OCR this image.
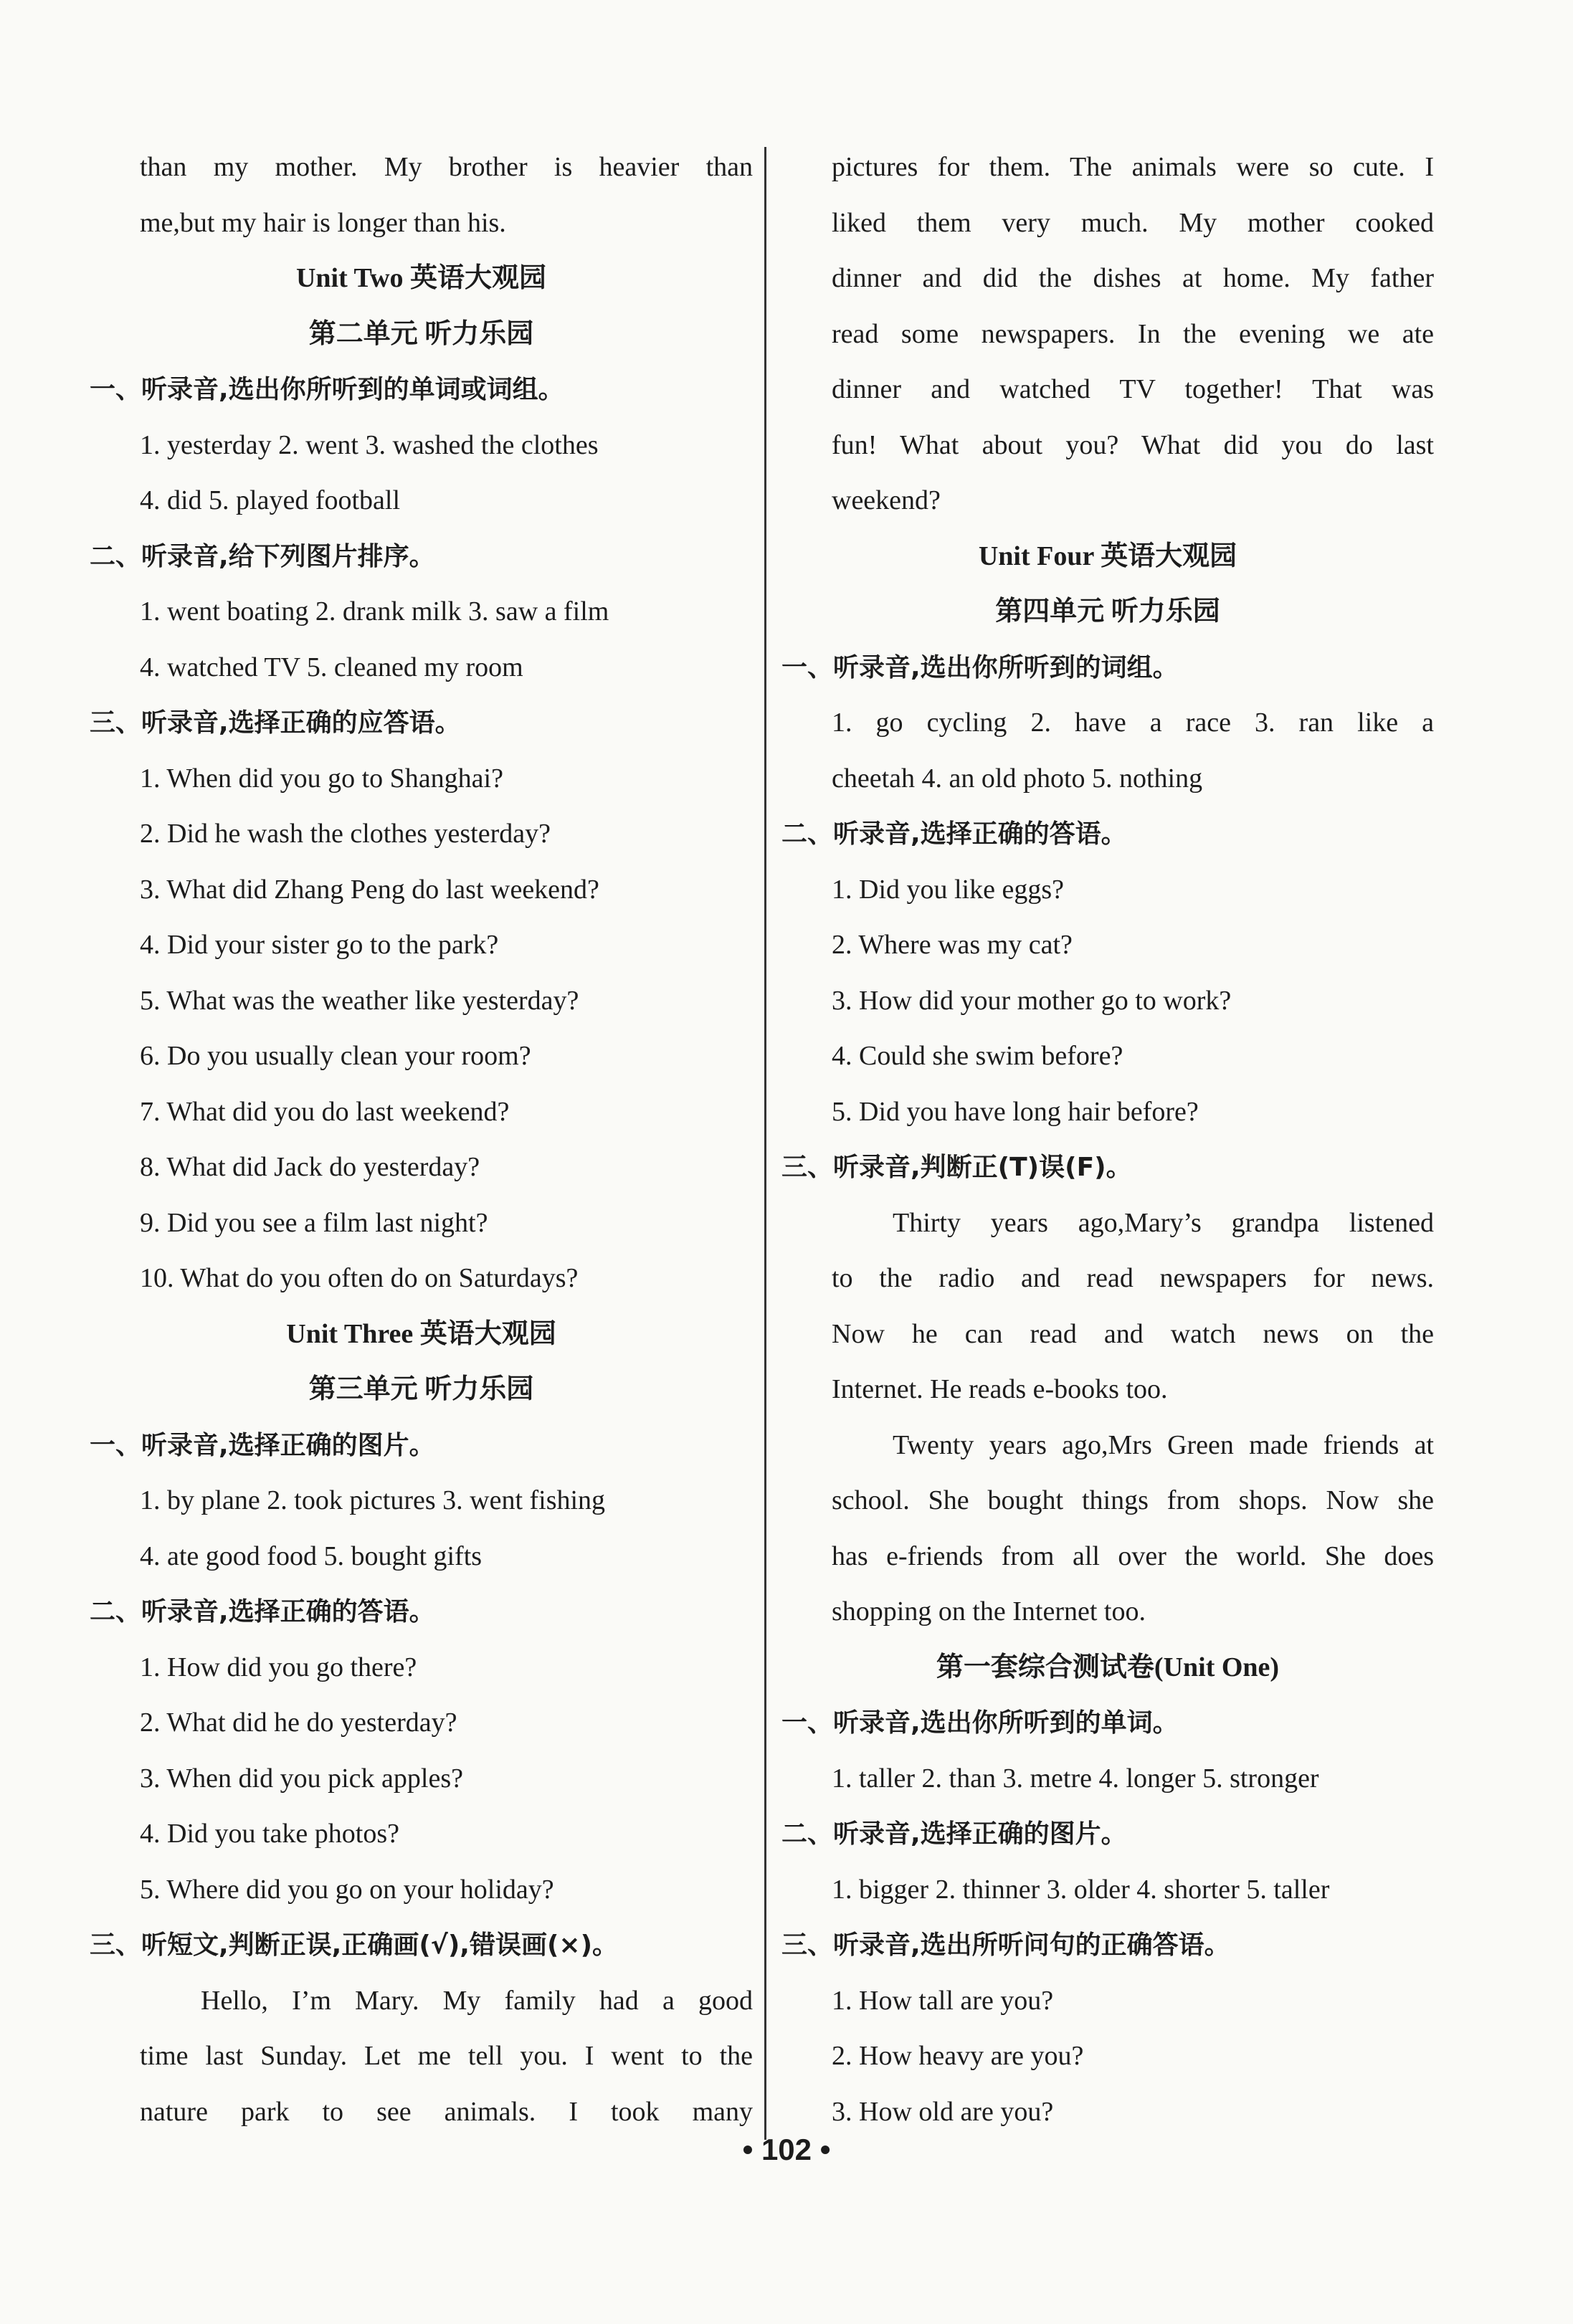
than my mother. My brother is heavier than
me,but my hair is longer than his.
Unit Two 英语大观园
第二单元 听力乐园
一、听录音,选出你所听到的单词或词组。
1. yesterday 2. went 3. washed the clothes
4. did 5. played football
二、听录音,给下列图片排序。
1. went boating 2. drank milk 3. saw a film
4. watched TV 5. cleaned my room
三、听录音,选择正确的应答语。
1. When did you go to Shanghai?
2. Did he wash the clothes yesterday?
3. What did Zhang Peng do last weekend?
4. Did your sister go to the park?
5. What was the weather like yesterday?
6. Do you usually clean your room?
7. What did you do last weekend?
8. What did Jack do yesterday?
9. Did you see a film last night?
10. What do you often do on Saturdays?
Unit Three 英语大观园
第三单元 听力乐园
一、听录音,选择正确的图片。
1. by plane 2. took pictures 3. went fishing
4. ate good food 5. bought gifts
二、听录音,选择正确的答语。
1. How did you go there?
2. What did he do yesterday?
3. When did you pick apples?
4. Did you take photos?
5. Where did you go on your holiday?
三、听短文,判断正误,正确画(√),错误画(×)。
Hello, I’m Mary. My family had a good
time last Sunday. Let me tell you. I went to the
nature park to see animals. I took many
pictures for them. The animals were so cute. I
liked them very much. My mother cooked
dinner and did the dishes at home. My father
read some newspapers. In the evening we ate
dinner and watched TV together! That was
fun! What about you? What did you do last
weekend?
Unit Four 英语大观园
第四单元 听力乐园
一、听录音,选出你所听到的词组。
1. go cycling 2. have a race 3. ran like a
cheetah 4. an old photo 5. nothing
二、听录音,选择正确的答语。
1. Did you like eggs?
2. Where was my cat?
3. How did your mother go to work?
4. Could she swim before?
5. Did you have long hair before?
三、听录音,判断正(T)误(F)。
Thirty years ago,Mary’s grandpa listened
to the radio and read newspapers for news.
Now he can read and watch news on the
Internet. He reads e-books too.
Twenty years ago,Mrs Green made friends at
school. She bought things from shops. Now she
has e-friends from all over the world. She does
shopping on the Internet too.
第一套综合测试卷(Unit One)
一、听录音,选出你所听到的单词。
1. taller 2. than 3. metre 4. longer 5. stronger
二、听录音,选择正确的图片。
1. bigger 2. thinner 3. older 4. shorter 5. taller
三、听录音,选出所听问句的正确答语。
1. How tall are you?
2. How heavy are you?
3. How old are you?
• 102 •
